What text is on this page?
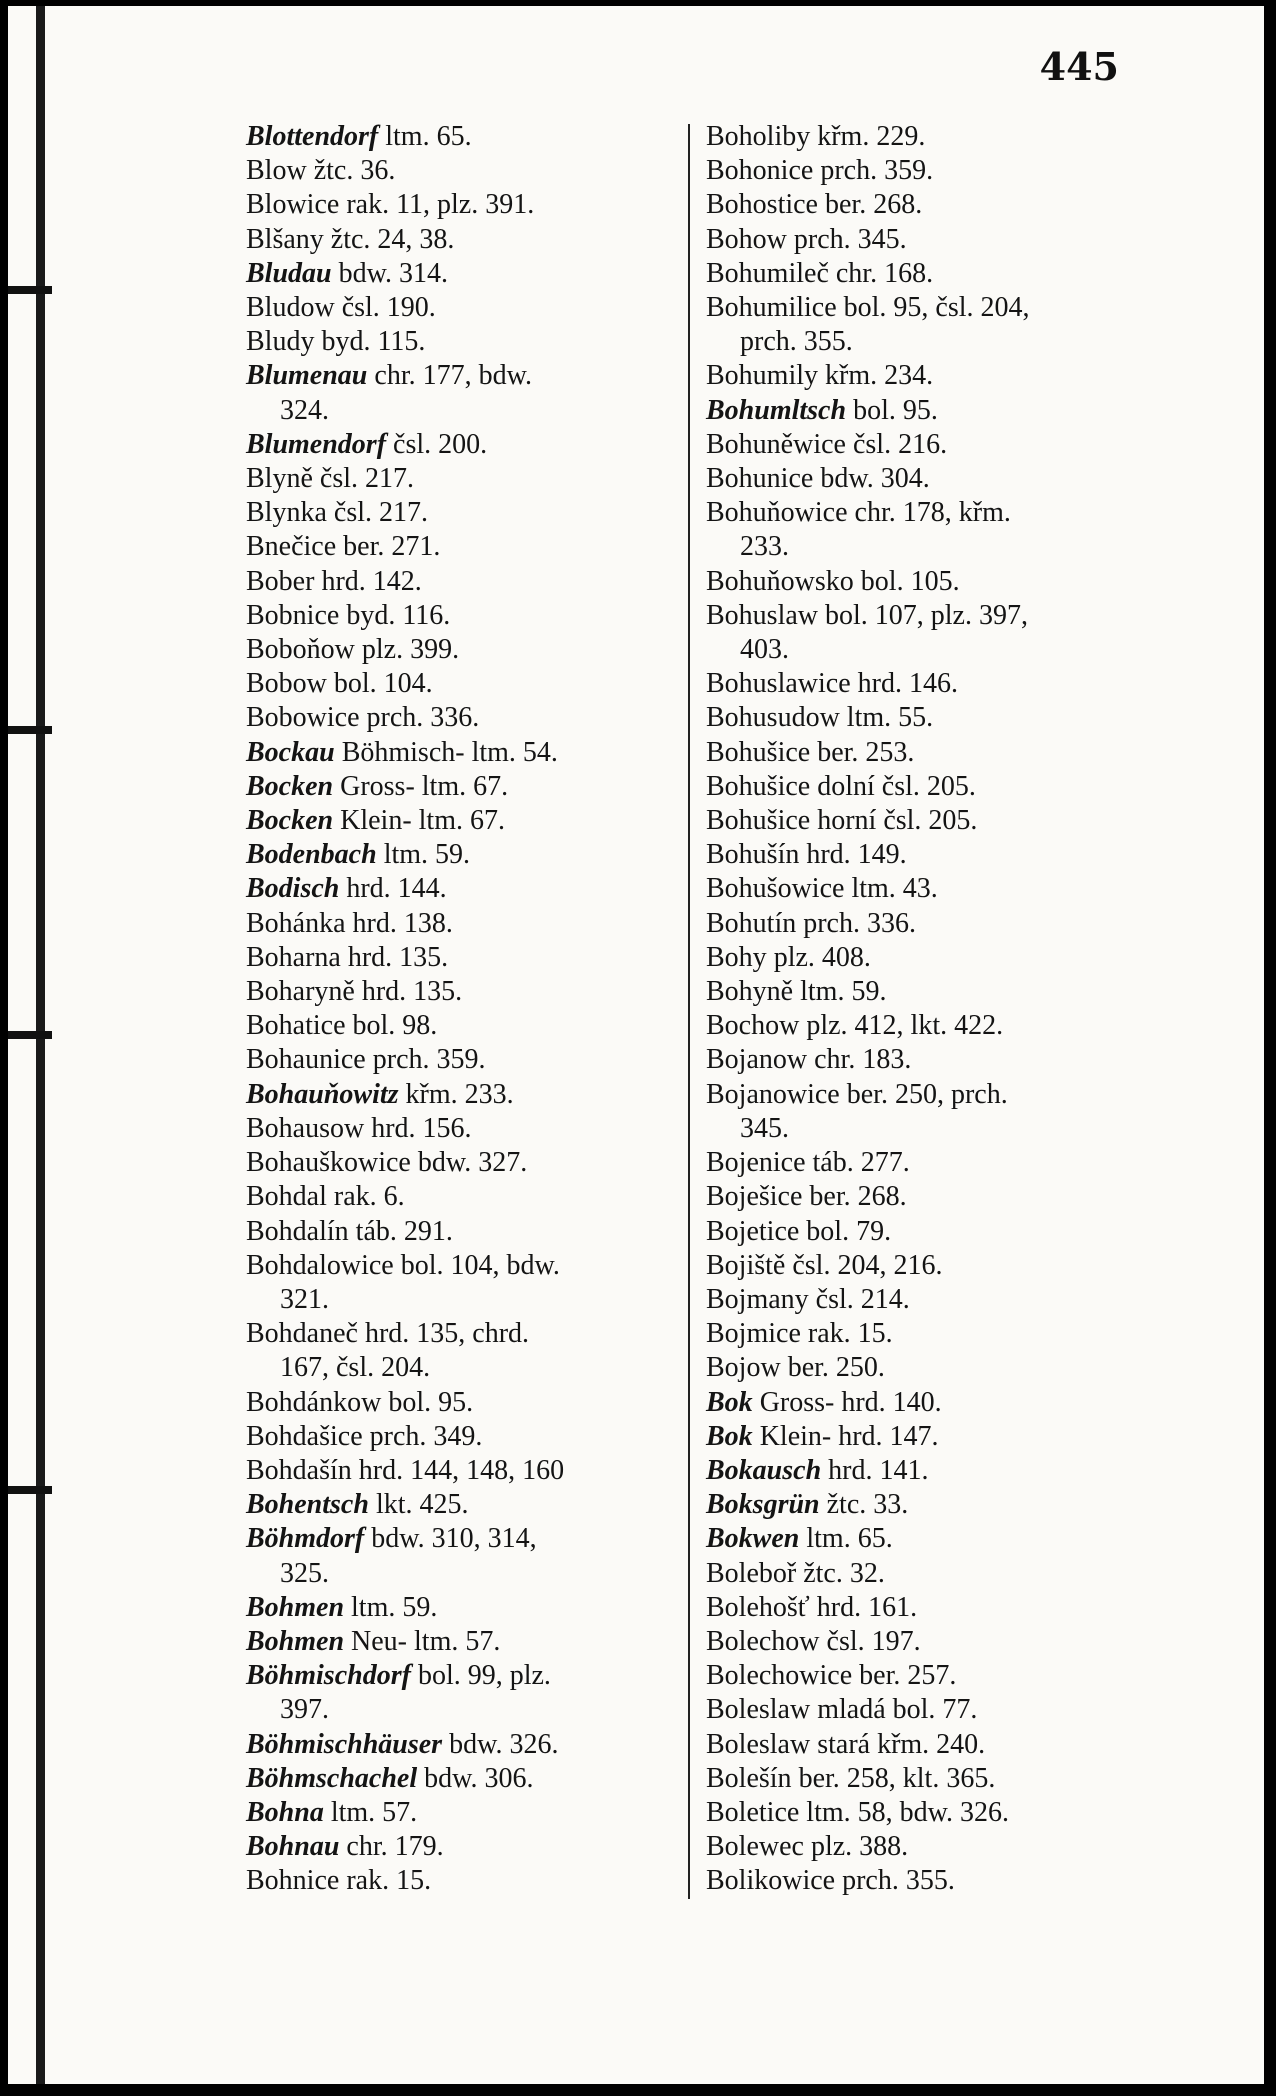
445
Blottendorf ltm. 65.
Blow žtc. 36.
Blowice rak. 11, plz. 391.
Blšany žtc. 24, 38.
Bludau bdw. 314.
Bludow čsl. 190.
Bludy byd. 115.
Blumenau chr. 177, bdw.
324.
Blumendorf čsl. 200.
Blyně čsl. 217.
Blynka čsl. 217.
Bnečice ber. 271.
Bober hrd. 142.
Bobnice byd. 116.
Boboňow plz. 399.
Bobow bol. 104.
Bobowice prch. 336.
Bockau Böhmisch- ltm. 54.
Bocken Gross- ltm. 67.
Bocken Klein- ltm. 67.
Bodenbach ltm. 59.
Bodisch hrd. 144.
Bohánka hrd. 138.
Boharna hrd. 135.
Boharyně hrd. 135.
Bohatice bol. 98.
Bohaunice prch. 359.
Bohauňowitz křm. 233.
Bohausow hrd. 156.
Bohauškowice bdw. 327.
Bohdal rak. 6.
Bohdalín táb. 291.
Bohdalowice bol. 104, bdw.
321.
Bohdaneč hrd. 135, chrd.
167, čsl. 204.
Bohdánkow bol. 95.
Bohdašice prch. 349.
Bohdašín hrd. 144, 148, 160
Bohentsch lkt. 425.
Böhmdorf bdw. 310, 314,
325.
Bohmen ltm. 59.
Bohmen Neu- ltm. 57.
Böhmischdorf bol. 99, plz.
397.
Böhmischhäuser bdw. 326.
Böhmschachel bdw. 306.
Bohna ltm. 57.
Bohnau chr. 179.
Bohnice rak. 15.
Boholiby křm. 229.
Bohonice prch. 359.
Bohostice ber. 268.
Bohow prch. 345.
Bohumileč chr. 168.
Bohumilice bol. 95, čsl. 204,
prch. 355.
Bohumily křm. 234.
Bohumltsch bol. 95.
Bohuněwice čsl. 216.
Bohunice bdw. 304.
Bohuňowice chr. 178, křm.
233.
Bohuňowsko bol. 105.
Bohuslaw bol. 107, plz. 397,
403.
Bohuslawice hrd. 146.
Bohusudow ltm. 55.
Bohušice ber. 253.
Bohušice dolní čsl. 205.
Bohušice horní čsl. 205.
Bohušín hrd. 149.
Bohušowice ltm. 43.
Bohutín prch. 336.
Bohy plz. 408.
Bohyně ltm. 59.
Bochow plz. 412, lkt. 422.
Bojanow chr. 183.
Bojanowice ber. 250, prch.
345.
Bojenice táb. 277.
Boješice ber. 268.
Bojetice bol. 79.
Bojiště čsl. 204, 216.
Bojmany čsl. 214.
Bojmice rak. 15.
Bojow ber. 250.
Bok Gross- hrd. 140.
Bok Klein- hrd. 147.
Bokausch hrd. 141.
Boksgrün žtc. 33.
Bokwen ltm. 65.
Boleboř žtc. 32.
Bolehošť hrd. 161.
Bolechow čsl. 197.
Bolechowice ber. 257.
Boleslaw mladá bol. 77.
Boleslaw stará křm. 240.
Bolešín ber. 258, klt. 365.
Boletice ltm. 58, bdw. 326.
Bolewec plz. 388.
Bolikowice prch. 355.
